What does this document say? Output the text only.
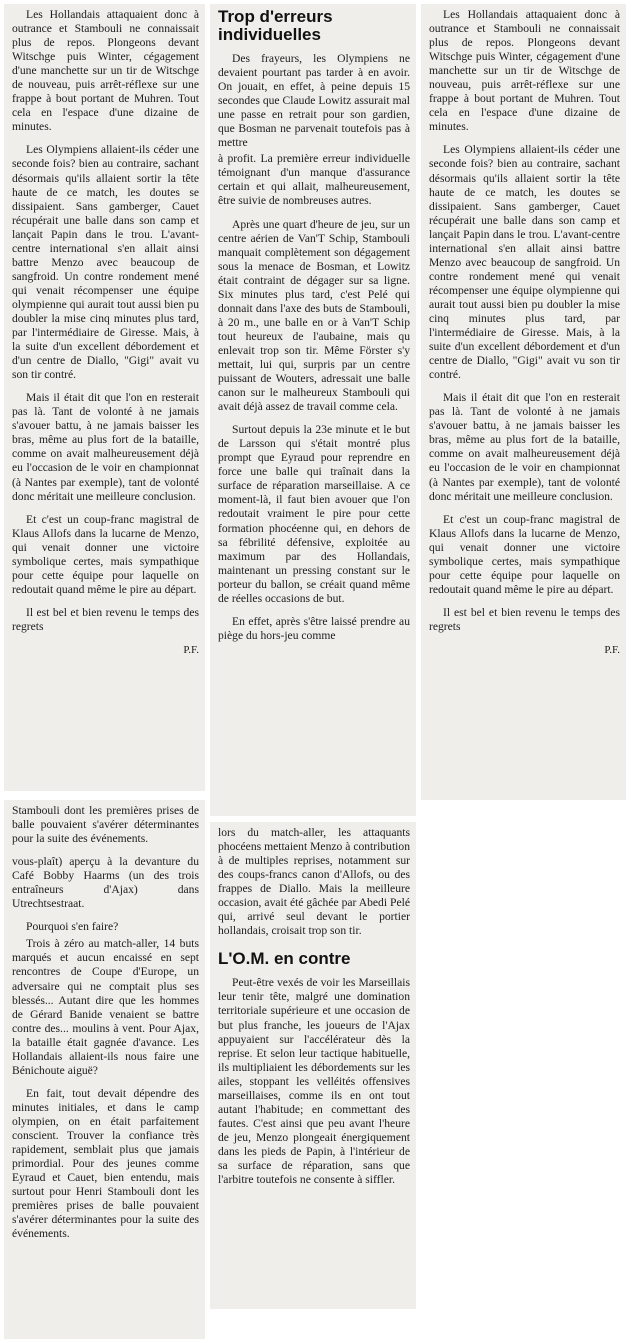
Les Hollandais attaquaient donc à outrance et Stambouli ne connaissait plus de repos. Plongeons devant Witschge puis Winter, cégagement d'une manchette sur un tir de Witschge de nouveau, puis arrêt-réflexe sur une frappe à bout portant de Muhren. Tout cela en l'espace d'une dizaine de minutes.

Les Olympiens allaient-ils céder une seconde fois? bien au contraire, sachant désormais qu'ils allaient sortir la tête haute de ce match, les doutes se dissipaient. Sans gamberger, Cauet récupérait une balle dans son camp et lançait Papin dans le trou. L'avant-centre international s'en allait ainsi battre Menzo avec beaucoup de sangfroid. Un contre rondement mené qui venait récompenser une équipe olympienne qui aurait tout aussi bien pu doubler la mise cinq minutes plus tard, par l'intermédiaire de Giresse. Mais, à la suite d'un excellent débordement et d'un centre de Diallo, "Gigi" avait vu son tir contré.

Mais il était dit que l'on en resterait pas là. Tant de volonté à ne jamais s'avouer battu, à ne jamais baisser les bras, même au plus fort de la bataille, comme on avait malheureusement déjà eu l'occasion de le voir en championnat (à Nantes par exemple), tant de volonté donc méritait une meilleure conclusion.

Et c'est un coup-franc magistral de Klaus Allofs dans la lucarne de Menzo, qui venait donner une victoire symbolique certes, mais sympathique pour cette équipe pour laquelle on redoutait quand même le pire au départ.

Il est bel et bien revenu le temps des regrets

P.F.
Trop d'erreurs individuelles

Des frayeurs, les Olympiens ne devaient pourtant pas tarder à en avoir. On jouait, en effet, à peine depuis 15 secondes que Claude Lowitz assurait mal une passe en retrait pour son gardien, que Bosman ne parvenait toutefois pas à mettre

à profit. La première erreur individuelle témoignant d'un manque d'assurance certain et qui allait, malheureusement, être suivie de nombreuses autres.

Après une quart d'heure de jeu, sur un centre aérien de Van'T Schip, Stambouli manquait complètement son dégagement sous la menace de Bosman, et Lowitz était contraint de dégager sur sa ligne. Six minutes plus tard, c'est Pelé qui donnait dans l'axe des buts de Stambouli, à 20 m., une balle en or à Van'T Schip tout heureux de l'aubaine, mais qu enlevait trop son tir. Même Förster s'y mettait, lui qui, surpris par un centre puissant de Wouters, adressait une balle canon sur le malheureux Stambouli qui avait déjà assez de travail comme cela.

Surtout depuis la 23e minute et le but de Larsson qui s'était montré plus prompt que Eyraud pour reprendre en force une balle qui traînait dans la surface de réparation marseillaise. A ce moment-là, il faut bien avouer que l'on redoutait vraiment le pire pour cette formation phocéenne qui, en dehors de sa fébrilité défensive, exploitée au maximum par des Hollandais, maintenant un pressing constant sur le porteur du ballon, se créait quand même de réelles occasions de but.

En effet, après s'être laissé prendre au piège du hors-jeu comme

Les Hollandais attaquaient donc à outrance et Stambouli ne connaissait plus de repos. Plongeons devant Witschge puis Winter, cégagement d'une manchette sur un tir de Witschge de nouveau, puis arrêt-réflexe sur une frappe à bout portant de Muhren. Tout cela en l'espace d'une dizaine de minutes.

Les Olympiens allaient-ils céder une seconde fois? bien au contraire, sachant désormais qu'ils allaient sortir la tête haute de ce match, les doutes se dissipaient. Sans gamberger, Cauet récupérait une balle dans son camp et lançait Papin dans le trou. L'avant-centre international s'en allait ainsi battre Menzo avec beaucoup de sangfroid. Un contre rondement mené qui venait récompenser une équipe olympienne qui aurait tout aussi bien pu doubler la mise cinq minutes plus tard, par l'intermédiaire de Giresse. Mais, à la suite d'un excellent débordement et d'un centre de Diallo, "Gigi" avait vu son tir contré.

Mais il était dit que l'on en resterait pas là. Tant de volonté à ne jamais s'avouer battu, à ne jamais baisser les bras, même au plus fort de la bataille, comme on avait malheureusement déjà eu l'occasion de le voir en championnat (à Nantes par exemple), tant de volonté donc méritait une meilleure conclusion.

Et c'est un coup-franc magistral de Klaus Allofs dans la lucarne de Menzo, qui venait donner une victoire symbolique certes, mais sympathique pour cette équipe pour laquelle on redoutait quand même le pire au départ.

Il est bel et bien revenu le temps des regrets

P.F.

Stambouli dont les premières prises de balle pouvaient s'avérer déterminantes pour la suite des événements.

vous-plaît) aperçu à la devanture du Café Bobby Haarms (un des trois entraîneurs d'Ajax) dans Utrechtsestraat.

Pourquoi s'en faire?

Trois à zéro au match-aller, 14 buts marqués et aucun encaissé en sept rencontres de Coupe d'Europe, un adversaire qui ne comptait plus ses blessés... Autant dire que les hommes de Gérard Banide venaient se battre contre des... moulins à vent. Pour Ajax, la bataille était gagnée d'avance. Les Hollandais allaient-ils nous faire une Bénichoute aiguë?

En fait, tout devait dépendre des minutes initiales, et dans le camp olympien, on en était parfaitement conscient. Trouver la confiance très rapidement, semblait plus que jamais primordial. Pour des jeunes comme Eyraud et Cauet, bien entendu, mais surtout pour Henri Stambouli dont les premières prises de balle pouvaient s'avérer déterminantes pour la suite des événements.

lors du match-aller, les attaquants phocéens mettaient Menzo à contribution à de multiples reprises, notamment sur des coups-francs canon d'Allofs, ou des frappes de Diallo. Mais la meilleure occasion, avait été gâchée par Abedi Pelé qui, arrivé seul devant le portier hollandais, croisait trop son tir.

L'O.M. en contre

Peut-être vexés de voir les Marseillais leur tenir tête, malgré une domination territoriale supérieure et une occasion de but plus franche, les joueurs de l'Ajax appuyaient sur l'accélérateur dès la reprise. Et selon leur tactique habituelle, ils multipliaient les débordements sur les ailes, stoppant les velléités offensives marseillaises, comme ils en ont tout autant l'habitude; en commettant des fautes. C'est ainsi que peu avant l'heure de jeu, Menzo plongeait énergiquement dans les pieds de Papin, à l'intérieur de sa surface de réparation, sans que l'arbitre toutefois ne consente à siffler.
